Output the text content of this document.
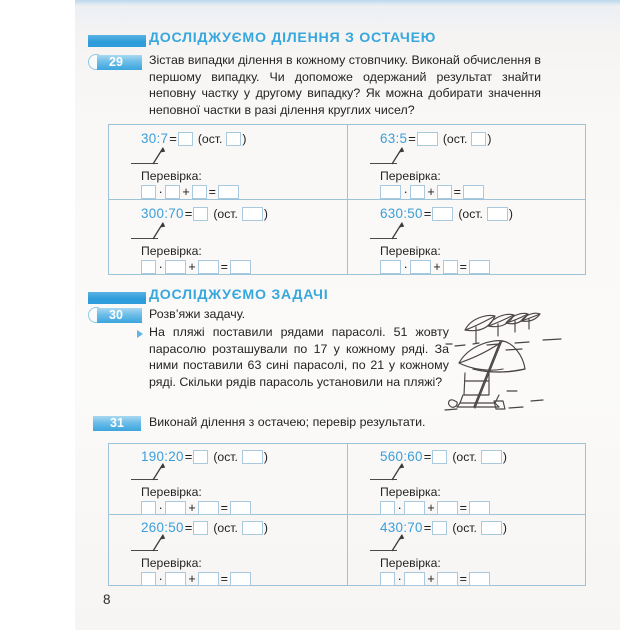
ДОСЛІДЖУЄМО ДІЛЕННЯ З ОСТАЧЕЮ
29	Зістав випадки ділення в кожному стовпчику. Виконай обчислення в першому випадку. Чи допоможе одержаний результат знайти неповну частку у другому випадку? Як можна добирати значення неповної частки в разі ділення круглих чисел?
30 : 7 = (ост. )
Перевірка:
· + =
63 : 5 = (ост. )
Перевірка:
· + =
300 : 70 = (ост. )
Перевірка:
· + =
630 : 50 = (ост. )
Перевірка:
· + =
ДОСЛІДЖУЄМО ЗАДАЧІ
30	Розв’яжи задачу.
На пляжі поставили рядами парасолі. 51 жовту парасолю розташували по 17 у кожному ряді. За ними поставили 63 сині парасолі, по 21 у кожному ряді. Скільки рядів парасоль установили на пляжі?
31	Виконай ділення з остачею; перевір результати.
190 : 20 = (ост. )
Перевірка:
· + =
560 : 60 = (ост. )
Перевірка:
· + =
260 : 50 = (ост. )
Перевірка:
· + =
430 : 70 = (ост. )
Перевірка:
· + =
8
